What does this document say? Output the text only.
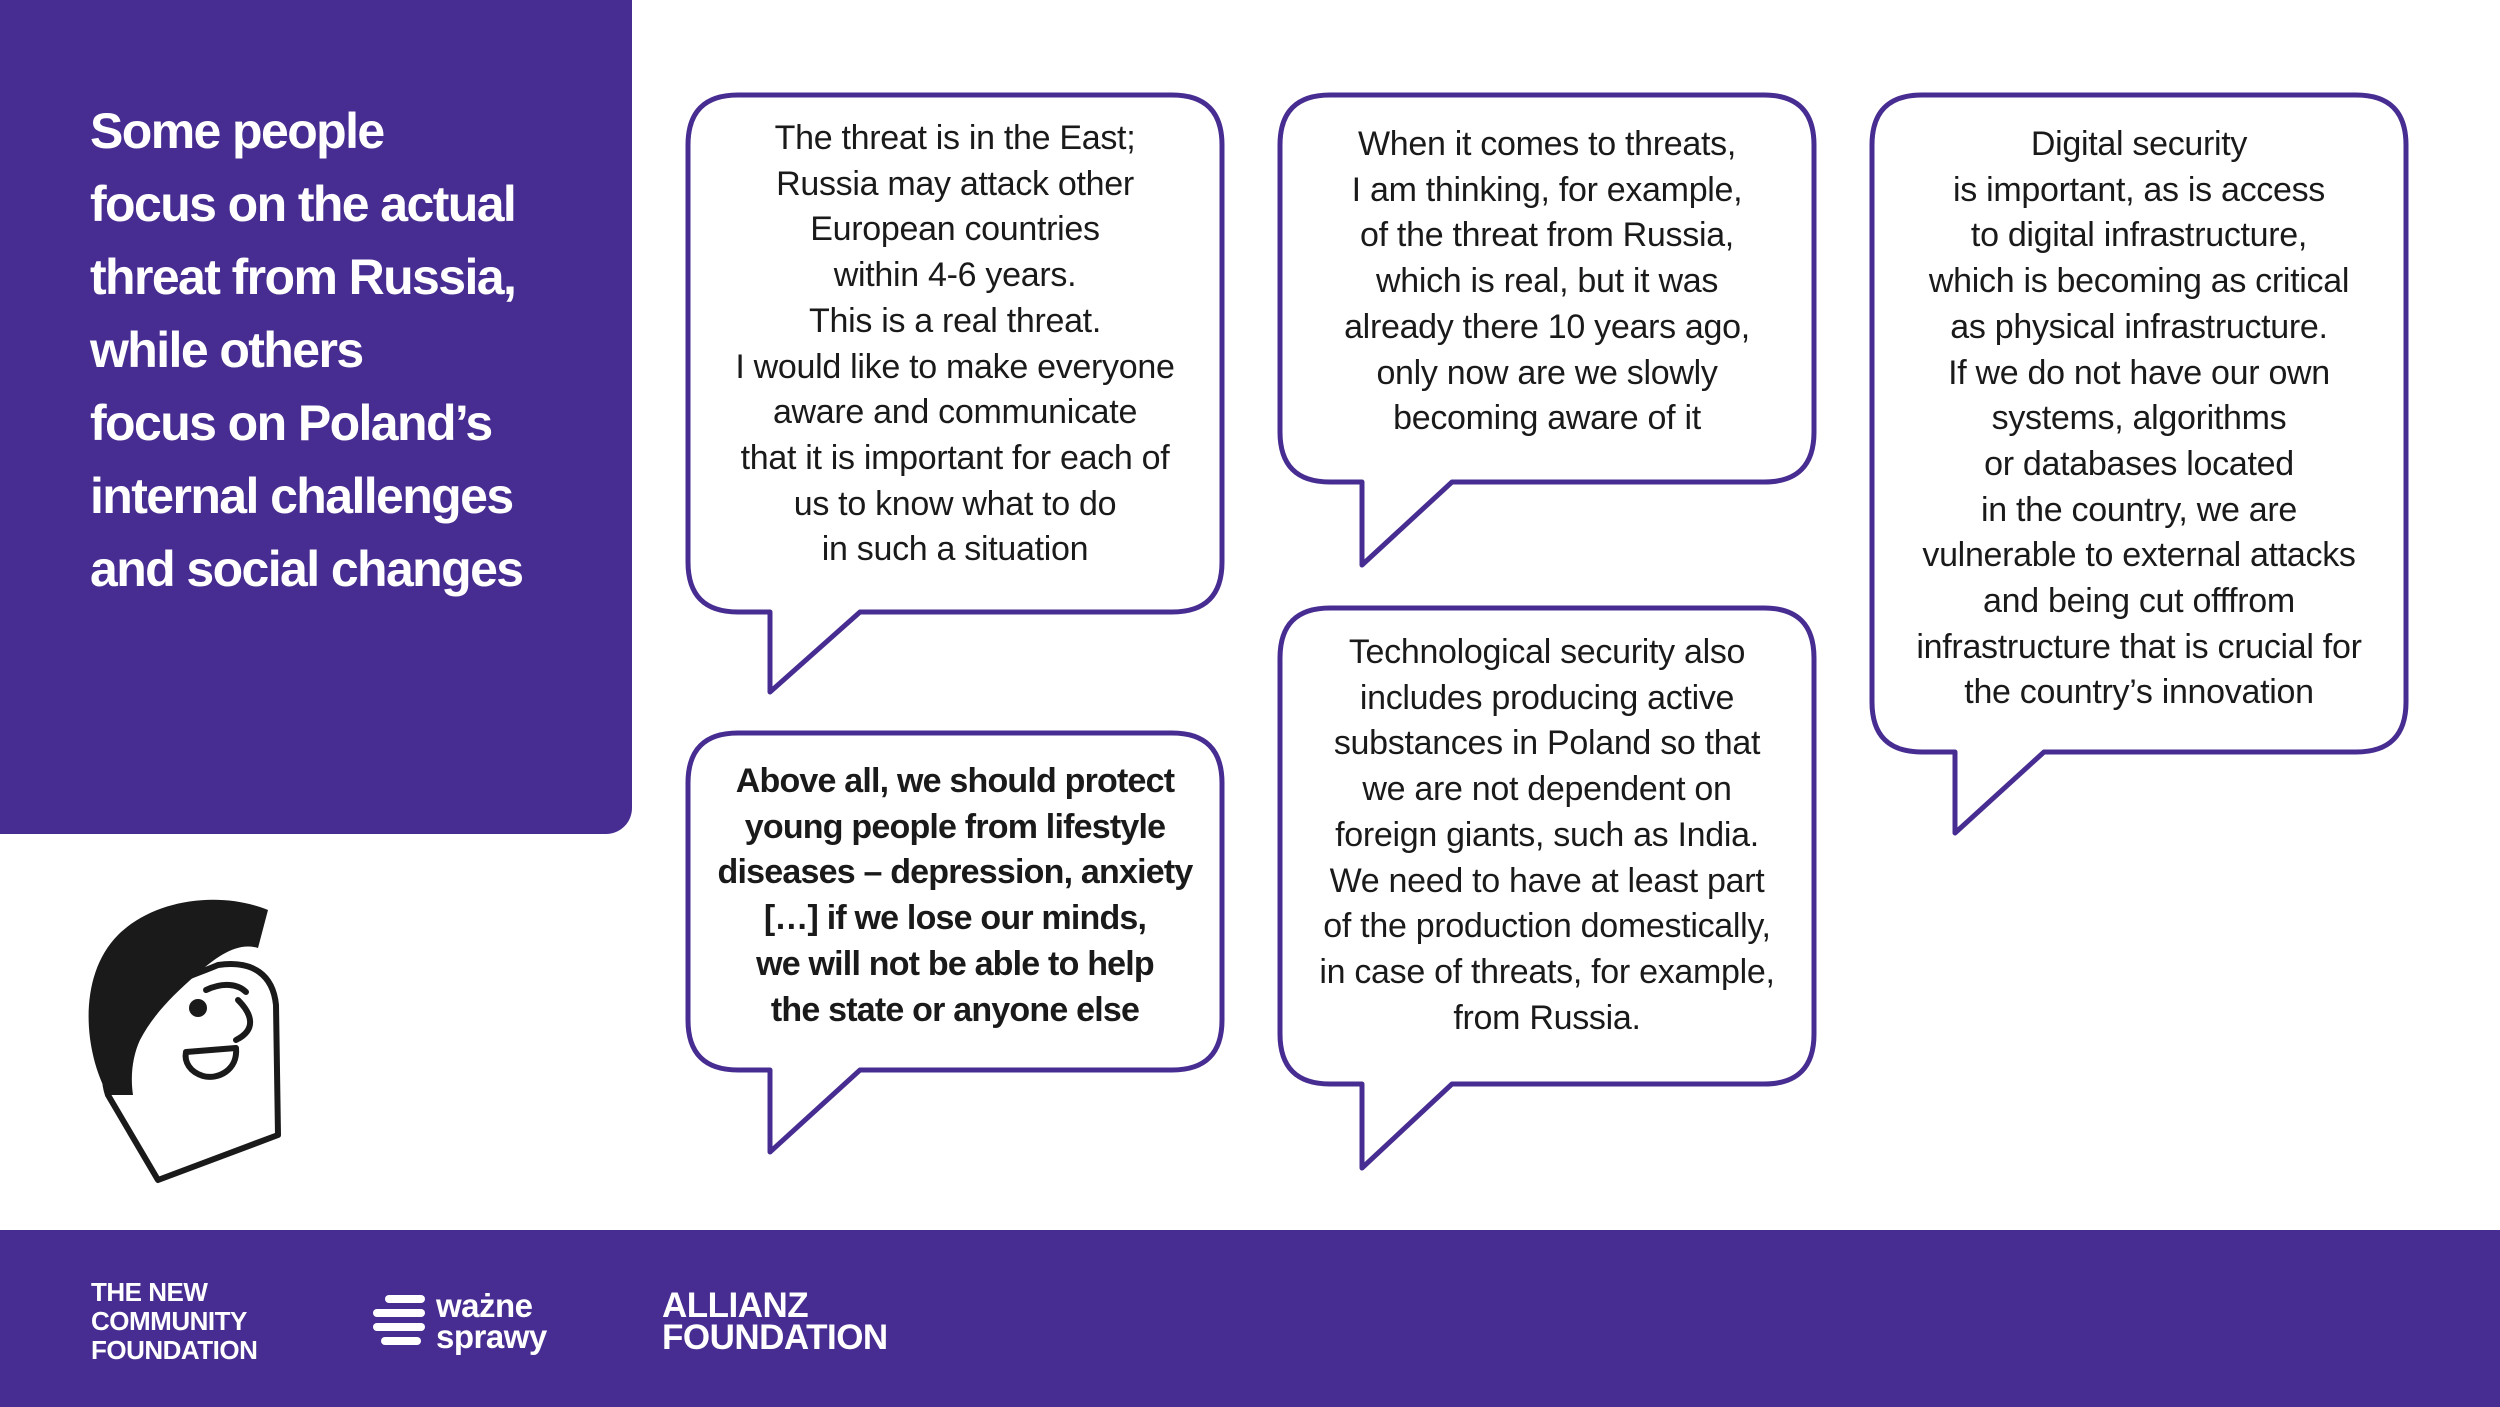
Some people
focus on the actual
threat from Russia,
while others
focus on Poland’s
internal challenges
and social changes

The threat is in the East;
Russia may attack other
European countries
within 4-6 years.
This is a real threat.
I would like to make everyone
aware and communicate
that it is important for each of
us to know what to do
in such a situation

When it comes to threats,
I am thinking, for example,
of the threat from Russia,
which is real, but it was
already there 10 years ago,
only now are we slowly
becoming aware of it

Digital security
is important, as is access
to digital infrastructure,
which is becoming as critical
as physical infrastructure.
If we do not have our own
systems, algorithms
or databases located
in the country, we are
vulnerable to external attacks
and being cut offfrom
infrastructure that is crucial for
the country’s innovation

Above all, we should protect
young people from lifestyle
diseases – depression, anxiety
[…] if we lose our minds,
we will not be able to help
the state or anyone else

Technological security also
includes producing active
substances in Poland so that
we are not dependent on
foreign giants, such as India.
We need to have at least part
of the production domestically,
in case of threats, for example,
from Russia.

THE NEW
COMMUNITY
FOUNDATION

ważne
sprawy

ALLIANZ
FOUNDATION
